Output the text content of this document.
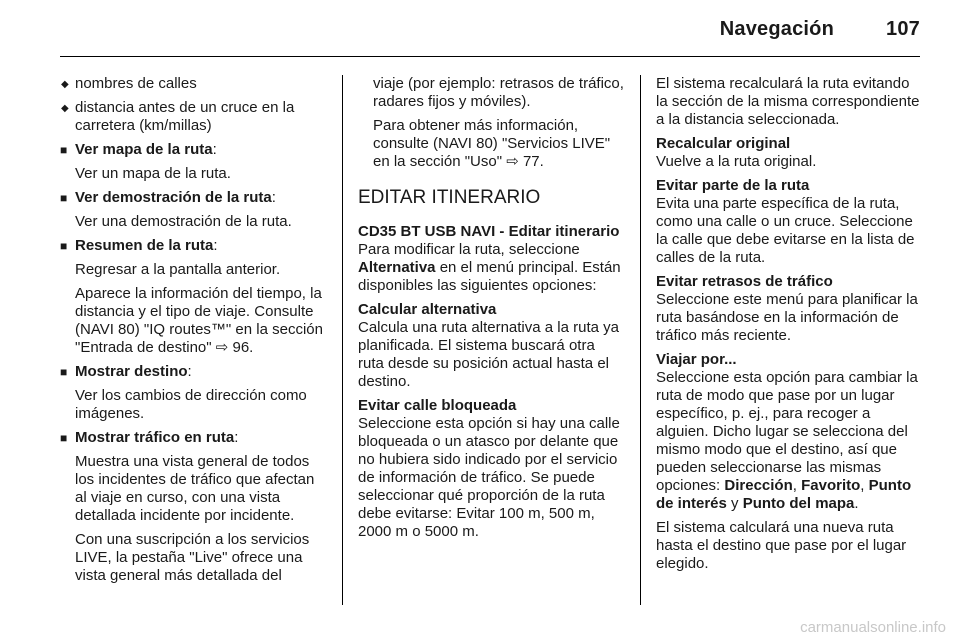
Navegación	107

◆ nombres de calles

◆ distancia antes de un cruce en la carretera (km/millas)

■ Ver mapa de la ruta:

Ver un mapa de la ruta.

■ Ver demostración de la ruta:

Ver una demostración de la ruta.

■ Resumen de la ruta:

Regresar a la pantalla anterior.

Aparece la información del tiempo, la distancia y el tipo de viaje. Consulte (NAVI 80) "IQ routes™" en la sección "Entrada de destino" ⇨ 96.

■ Mostrar destino:

Ver los cambios de dirección como imágenes.

■ Mostrar tráfico en ruta:

Muestra una vista general de todos los incidentes de tráfico que afectan al viaje en curso, con una vista detallada incidente por incidente.

Con una suscripción a los servicios LIVE, la pestaña "Live" ofrece una vista general más detallada del

viaje (por ejemplo: retrasos de tráfico, radares fijos y móviles).

Para obtener más información, consulte (NAVI 80) "Servicios LIVE" en la sección "Uso" ⇨ 77.

EDITAR ITINERARIO

CD35 BT USB NAVI - Editar itinerario

Para modificar la ruta, seleccione Alternativa en el menú principal. Están disponibles las siguientes opciones:

Calcular alternativa

Calcula una ruta alternativa a la ruta ya planificada. El sistema buscará otra ruta desde su posición actual hasta el destino.

Evitar calle bloqueada

Seleccione esta opción si hay una calle bloqueada o un atasco por delante que no hubiera sido indicado por el servicio de información de tráfico. Se puede seleccionar qué proporción de la ruta debe evitarse: Evitar 100 m, 500 m, 2000 m o 5000 m.

El sistema recalculará la ruta evitando la sección de la misma correspondiente a la distancia seleccionada.

Recalcular original

Vuelve a la ruta original.

Evitar parte de la ruta

Evita una parte específica de la ruta, como una calle o un cruce. Seleccione la calle que debe evitarse en la lista de calles de la ruta.

Evitar retrasos de tráfico

Seleccione este menú para planificar la ruta basándose en la información de tráfico más reciente.

Viajar por...

Seleccione esta opción para cambiar la ruta de modo que pase por un lugar específico, p. ej., para recoger a alguien. Dicho lugar se selecciona del mismo modo que el destino, así que pueden seleccionarse las mismas opciones: Dirección, Favorito, Punto de interés y Punto del mapa.

El sistema calculará una nueva ruta hasta el destino que pase por el lugar elegido.

carmanualsonline.info
